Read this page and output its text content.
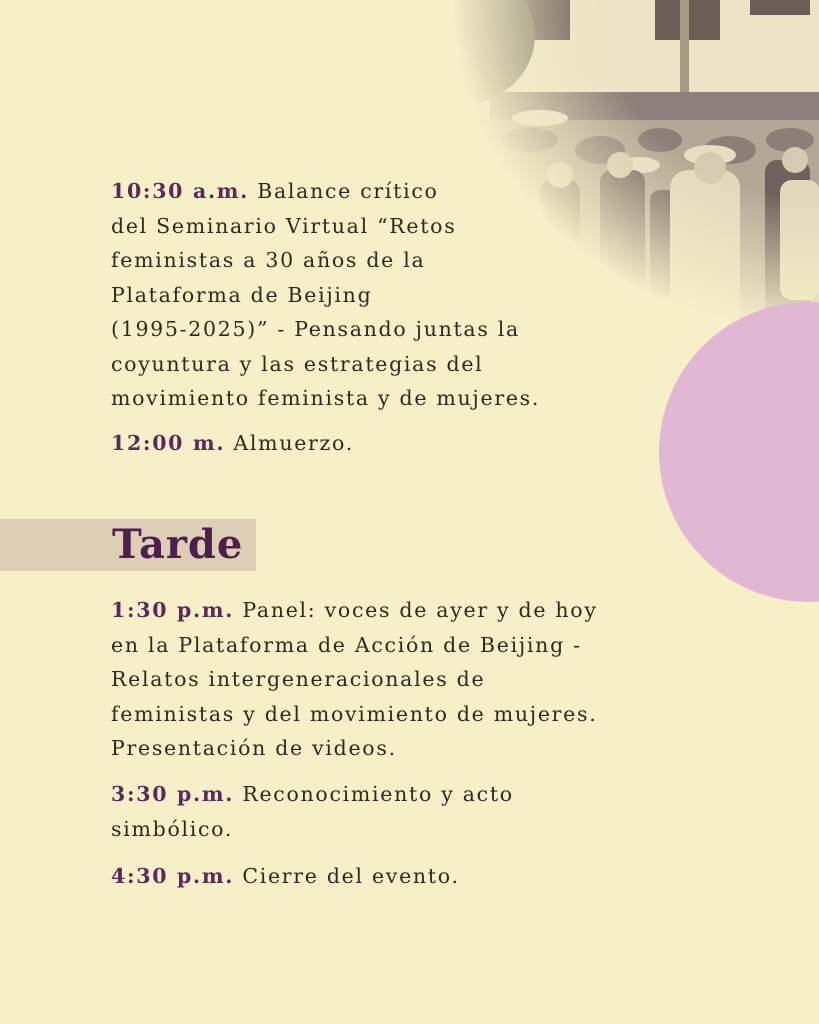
10:30 a.m. Balance crítico
del Seminario Virtual “Retos
feministas a 30 años de la
Plataforma de Beijing
(1995-2025)” - Pensando juntas la
coyuntura y las estrategias del
movimiento feminista y de mujeres.

12:00 m. Almuerzo.

Tarde

1:30 p.m. Panel: voces de ayer y de hoy
en la Plataforma de Acción de Beijing -
Relatos intergeneracionales de
feministas y del movimiento de mujeres.
Presentación de videos.

3:30 p.m. Reconocimiento y acto
simbólico.

4:30 p.m. Cierre del evento.
